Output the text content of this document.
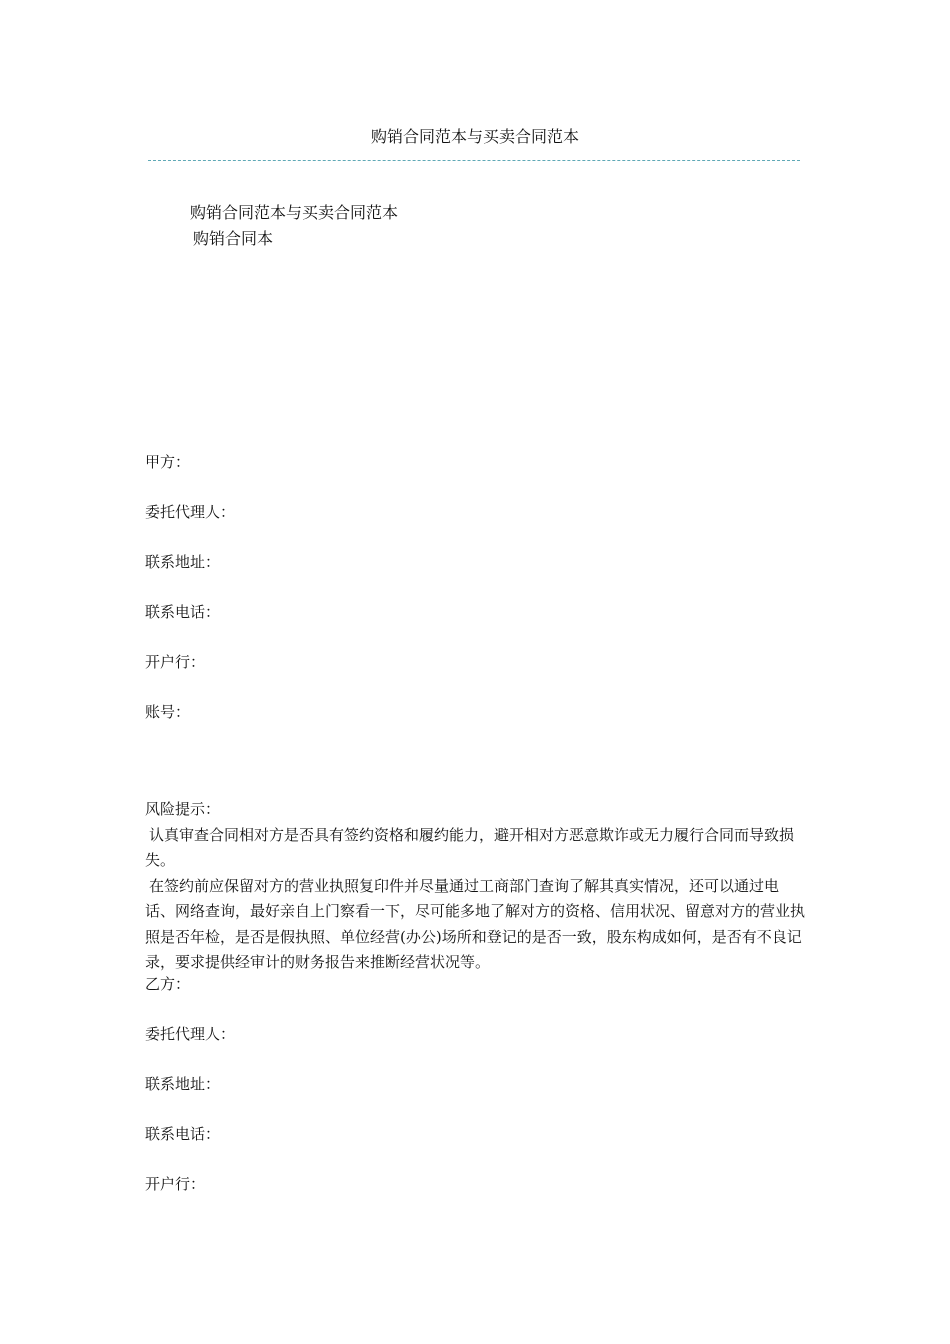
购销合同范本与买卖合同范本
购销合同范本与买卖合同范本
购销合同本
甲方：
委托代理人：
联系地址：
联系电话：
开户行：
账号：

风险提示：

认真审查合同相对方是否具有签约资格和履约能力，避开相对方恶意欺诈或无力履行合同而导致损失。

在签约前应保留对方的营业执照复印件并尽量通过工商部门查询了解其真实情况，还可以通过电话、网络查询，最好亲自上门察看一下，尽可能多地了解对方的资格、信用状况、留意对方的营业执照是否年检，是否是假执照、单位经营(办公)场所和登记的是否一致，股东构成如何，是否有不良记录，要求提供经审计的财务报告来推断经营状况等。

乙方：
委托代理人：
联系地址：
联系电话：
开户行：
